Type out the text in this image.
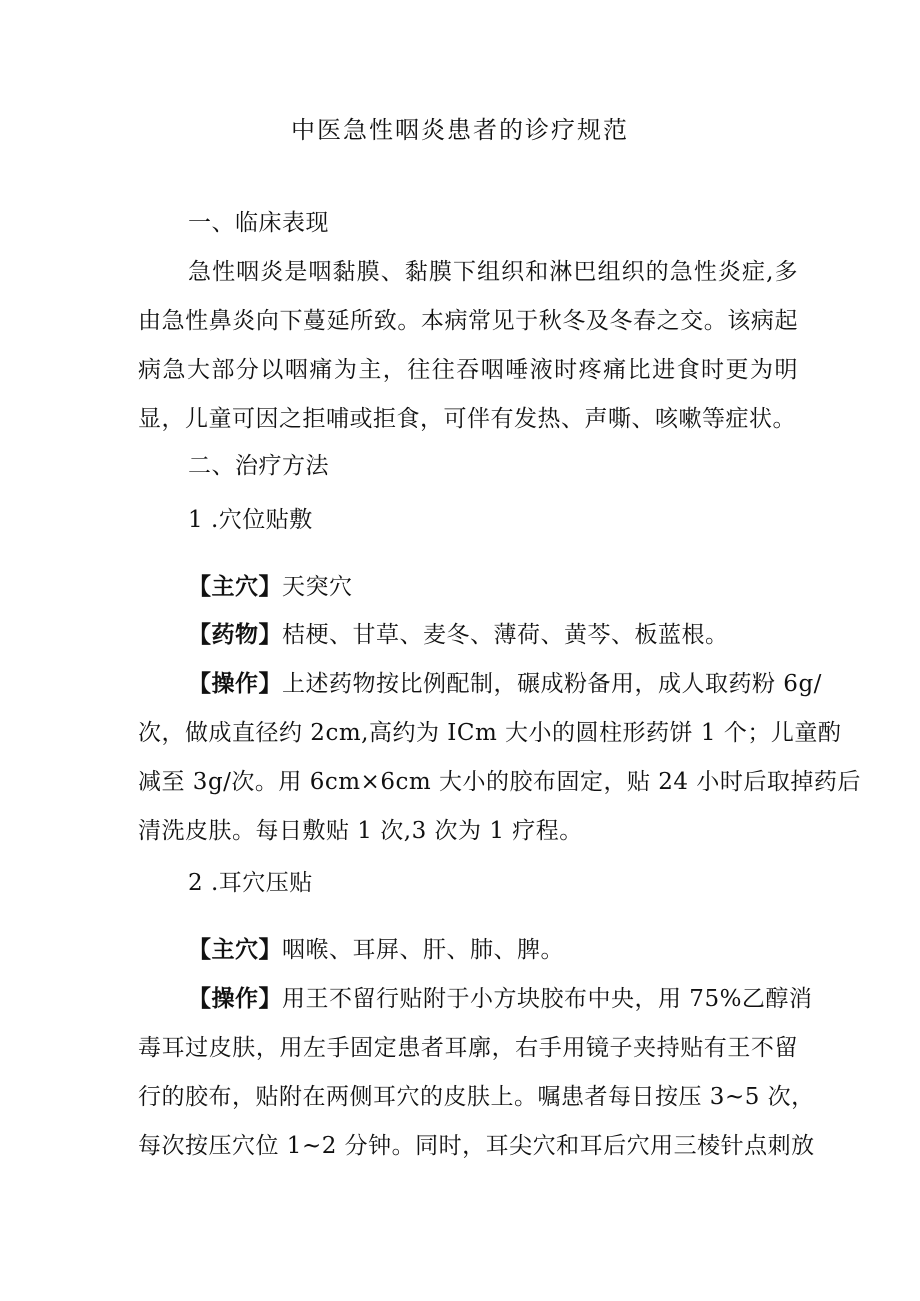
中医急性咽炎患者的诊疗规范
一、临床表现
急性咽炎是咽黏膜、黏膜下组织和淋巴组织的急性炎症,多
由急性鼻炎向下蔓延所致。本病常见于秋冬及冬春之交。该病起
病急大部分以咽痛为主，往往吞咽唾液时疼痛比进食时更为明
显，儿童可因之拒哺或拒食，可伴有发热、声嘶、咳嗽等症状。
二、治疗方法
1 .穴位贴敷
【主穴】天突穴
【药物】桔梗、甘草、麦冬、薄荷、黄芩、板蓝根。
【操作】上述药物按比例配制，碾成粉备用，成人取药粉 6g/
次，做成直径约 2cm,高约为 ICm 大小的圆柱形药饼 1 个；儿童酌
减至 3g/次。用 6cm×6cm 大小的胶布固定，贴 24 小时后取掉药后
清洗皮肤。每日敷贴 1 次,3 次为 1 疗程。
2 .耳穴压贴
【主穴】咽喉、耳屏、肝、肺、脾。
【操作】用王不留行贴附于小方块胶布中央，用 75%乙醇消
毒耳过皮肤，用左手固定患者耳廓，右手用镜子夹持贴有王不留
行的胶布，贴附在两侧耳穴的皮肤上。嘱患者每日按压 3~5 次，
每次按压穴位 1~2 分钟。同时，耳尖穴和耳后穴用三棱针点刺放
